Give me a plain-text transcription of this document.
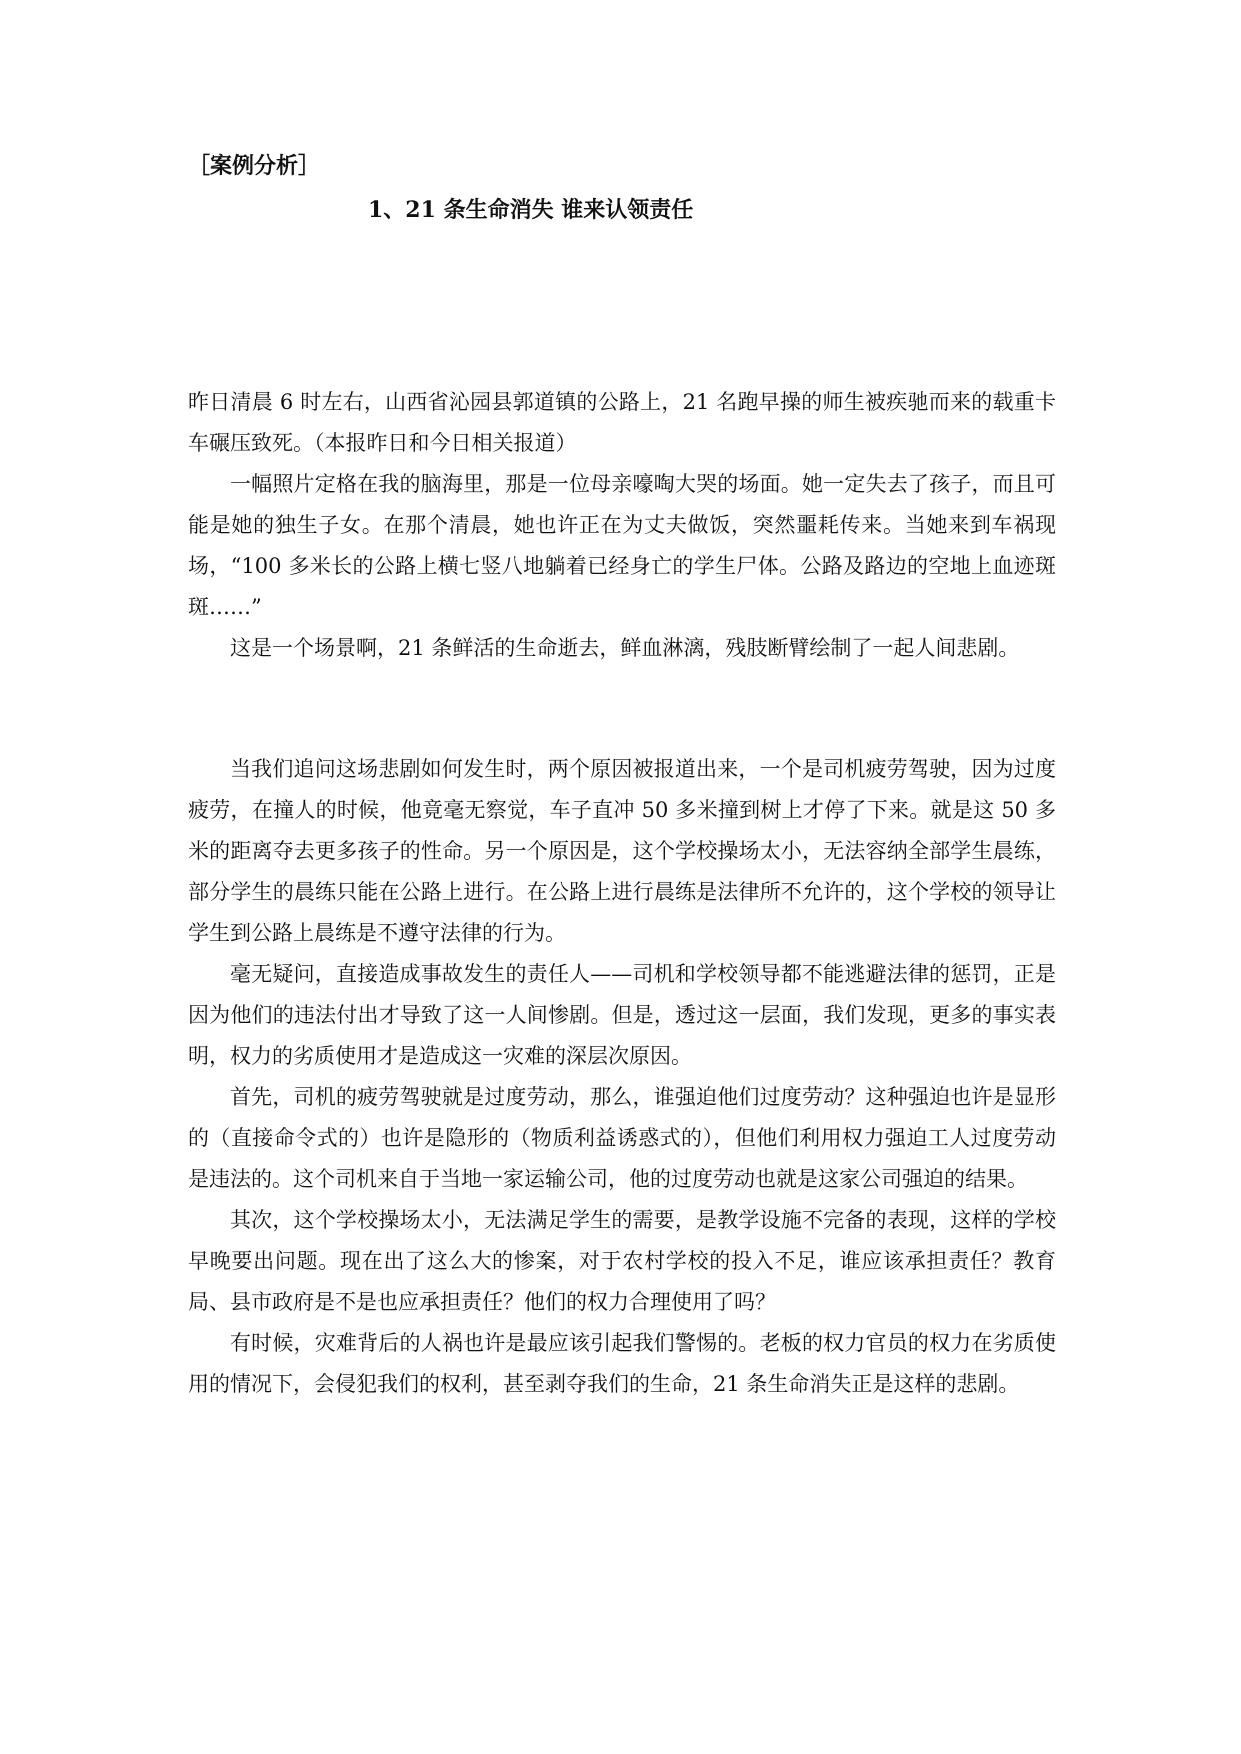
［案例分析］
1、21 条生命消失 谁来认领责任

昨日清晨 6 时左右，山西省沁园县郭道镇的公路上，21 名跑早操的师生被疾驰而来的载重卡车碾压致死。（本报昨日和今日相关报道）

一幅照片定格在我的脑海里，那是一位母亲嚎啕大哭的场面。她一定失去了孩子，而且可能是她的独生子女。在那个清晨，她也许正在为丈夫做饭，突然噩耗传来。当她来到车祸现场，“100 多米长的公路上横七竖八地躺着已经身亡的学生尸体。公路及路边的空地上血迹斑斑……”

这是一个场景啊，21 条鲜活的生命逝去，鲜血淋漓，残肢断臂绘制了一起人间悲剧。

当我们追问这场悲剧如何发生时，两个原因被报道出来，一个是司机疲劳驾驶，因为过度疲劳，在撞人的时候，他竟毫无察觉，车子直冲 50 多米撞到树上才停了下来。就是这 50 多米的距离夺去更多孩子的性命。另一个原因是，这个学校操场太小，无法容纳全部学生晨练，部分学生的晨练只能在公路上进行。在公路上进行晨练是法律所不允许的，这个学校的领导让学生到公路上晨练是不遵守法律的行为。

毫无疑问，直接造成事故发生的责任人——司机和学校领导都不能逃避法律的惩罚，正是因为他们的违法付出才导致了这一人间惨剧。但是，透过这一层面，我们发现，更多的事实表明，权力的劣质使用才是造成这一灾难的深层次原因。

首先，司机的疲劳驾驶就是过度劳动，那么，谁强迫他们过度劳动？这种强迫也许是显形的（直接命令式的）也许是隐形的（物质利益诱惑式的），但他们利用权力强迫工人过度劳动是违法的。这个司机来自于当地一家运输公司，他的过度劳动也就是这家公司强迫的结果。

其次，这个学校操场太小，无法满足学生的需要，是教学设施不完备的表现，这样的学校早晚要出问题。现在出了这么大的惨案，对于农村学校的投入不足，谁应该承担责任？教育局、县市政府是不是也应承担责任？他们的权力合理使用了吗？

有时候，灾难背后的人祸也许是最应该引起我们警惕的。老板的权力官员的权力在劣质使用的情况下，会侵犯我们的权利，甚至剥夺我们的生命，21 条生命消失正是这样的悲剧。
